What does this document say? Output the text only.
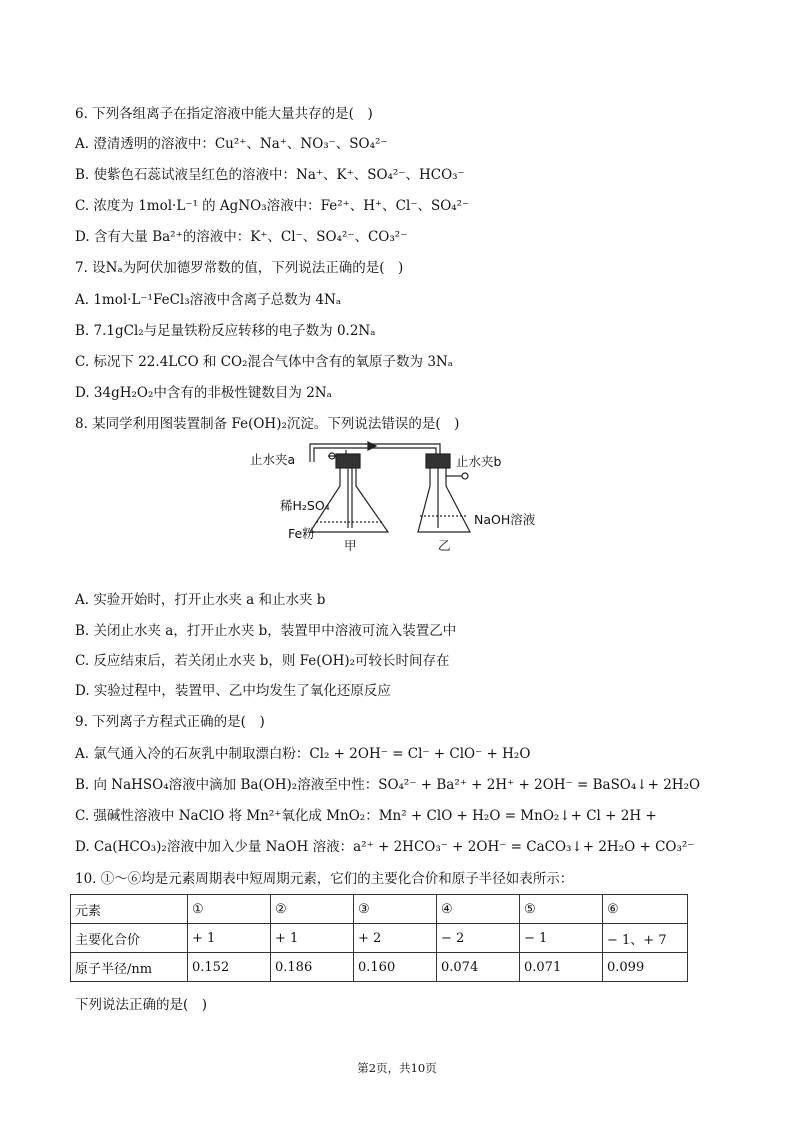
6. 下列各组离子在指定溶液中能大量共存的是(　)
A. 澄清透明的溶液中：Cu²⁺、Na⁺、NO₃⁻、SO₄²⁻
B. 使紫色石蕊试液呈红色的溶液中：Na⁺、K⁺、SO₄²⁻、HCO₃⁻
C. 浓度为 1mol·L⁻¹ 的 AgNO₃溶液中：Fe²⁺、H⁺、Cl⁻、SO₄²⁻
D. 含有大量 Ba²⁺的溶液中：K⁺、Cl⁻、SO₄²⁻、CO₃²⁻
7. 设Nₐ为阿伏加德罗常数的值，下列说法正确的是(　)
A. 1mol·L⁻¹FeCl₃溶液中含离子总数为 4Nₐ
B. 7.1gCl₂与足量铁粉反应转移的电子数为 0.2Nₐ
C. 标况下 22.4LCO 和 CO₂混合气体中含有的氧原子数为 3Nₐ
D. 34gH₂O₂中含有的非极性键数目为 2Nₐ
8. 某同学利用图装置制备 Fe(OH)₂沉淀。下列说法错误的是(　)
止水夹a	止水夹b
稀H₂SO₄
Fe粉
NaOH溶液
甲	乙
A. 实验开始时，打开止水夹 a 和止水夹 b
B. 关闭止水夹 a，打开止水夹 b，装置甲中溶液可流入装置乙中
C. 反应结束后，若关闭止水夹 b，则 Fe(OH)₂可较长时间存在
D. 实验过程中，装置甲、乙中均发生了氧化还原反应
9. 下列离子方程式正确的是(　)
A. 氯气通入冷的石灰乳中制取漂白粉：Cl₂ + 2OH⁻ = Cl⁻ + ClO⁻ + H₂O
B. 向 NaHSO₄溶液中滴加 Ba(OH)₂溶液至中性：SO₄²⁻ + Ba²⁺ + 2H⁺ + 2OH⁻ = BaSO₄↓+ 2H₂O
C. 强碱性溶液中 NaClO 将 Mn²⁺氧化成 MnO₂：Mn² + ClO + H₂O = MnO₂↓+ Cl + 2H +
D. Ca(HCO₃)₂溶液中加入少量 NaOH 溶液：a²⁺ + 2HCO₃⁻ + 2OH⁻ = CaCO₃↓+ 2H₂O + CO₃²⁻
10. ①～⑥均是元素周期表中短周期元素，它们的主要化合价和原子半径如表所示：
元素	①	②	③	④	⑤	⑥
主要化合价	+ 1	+ 1	+ 2	− 2	− 1	− 1、+ 7
原子半径/nm	0.152	0.186	0.160	0.074	0.071	0.099
下列说法正确的是(　)
第2页，共10页
